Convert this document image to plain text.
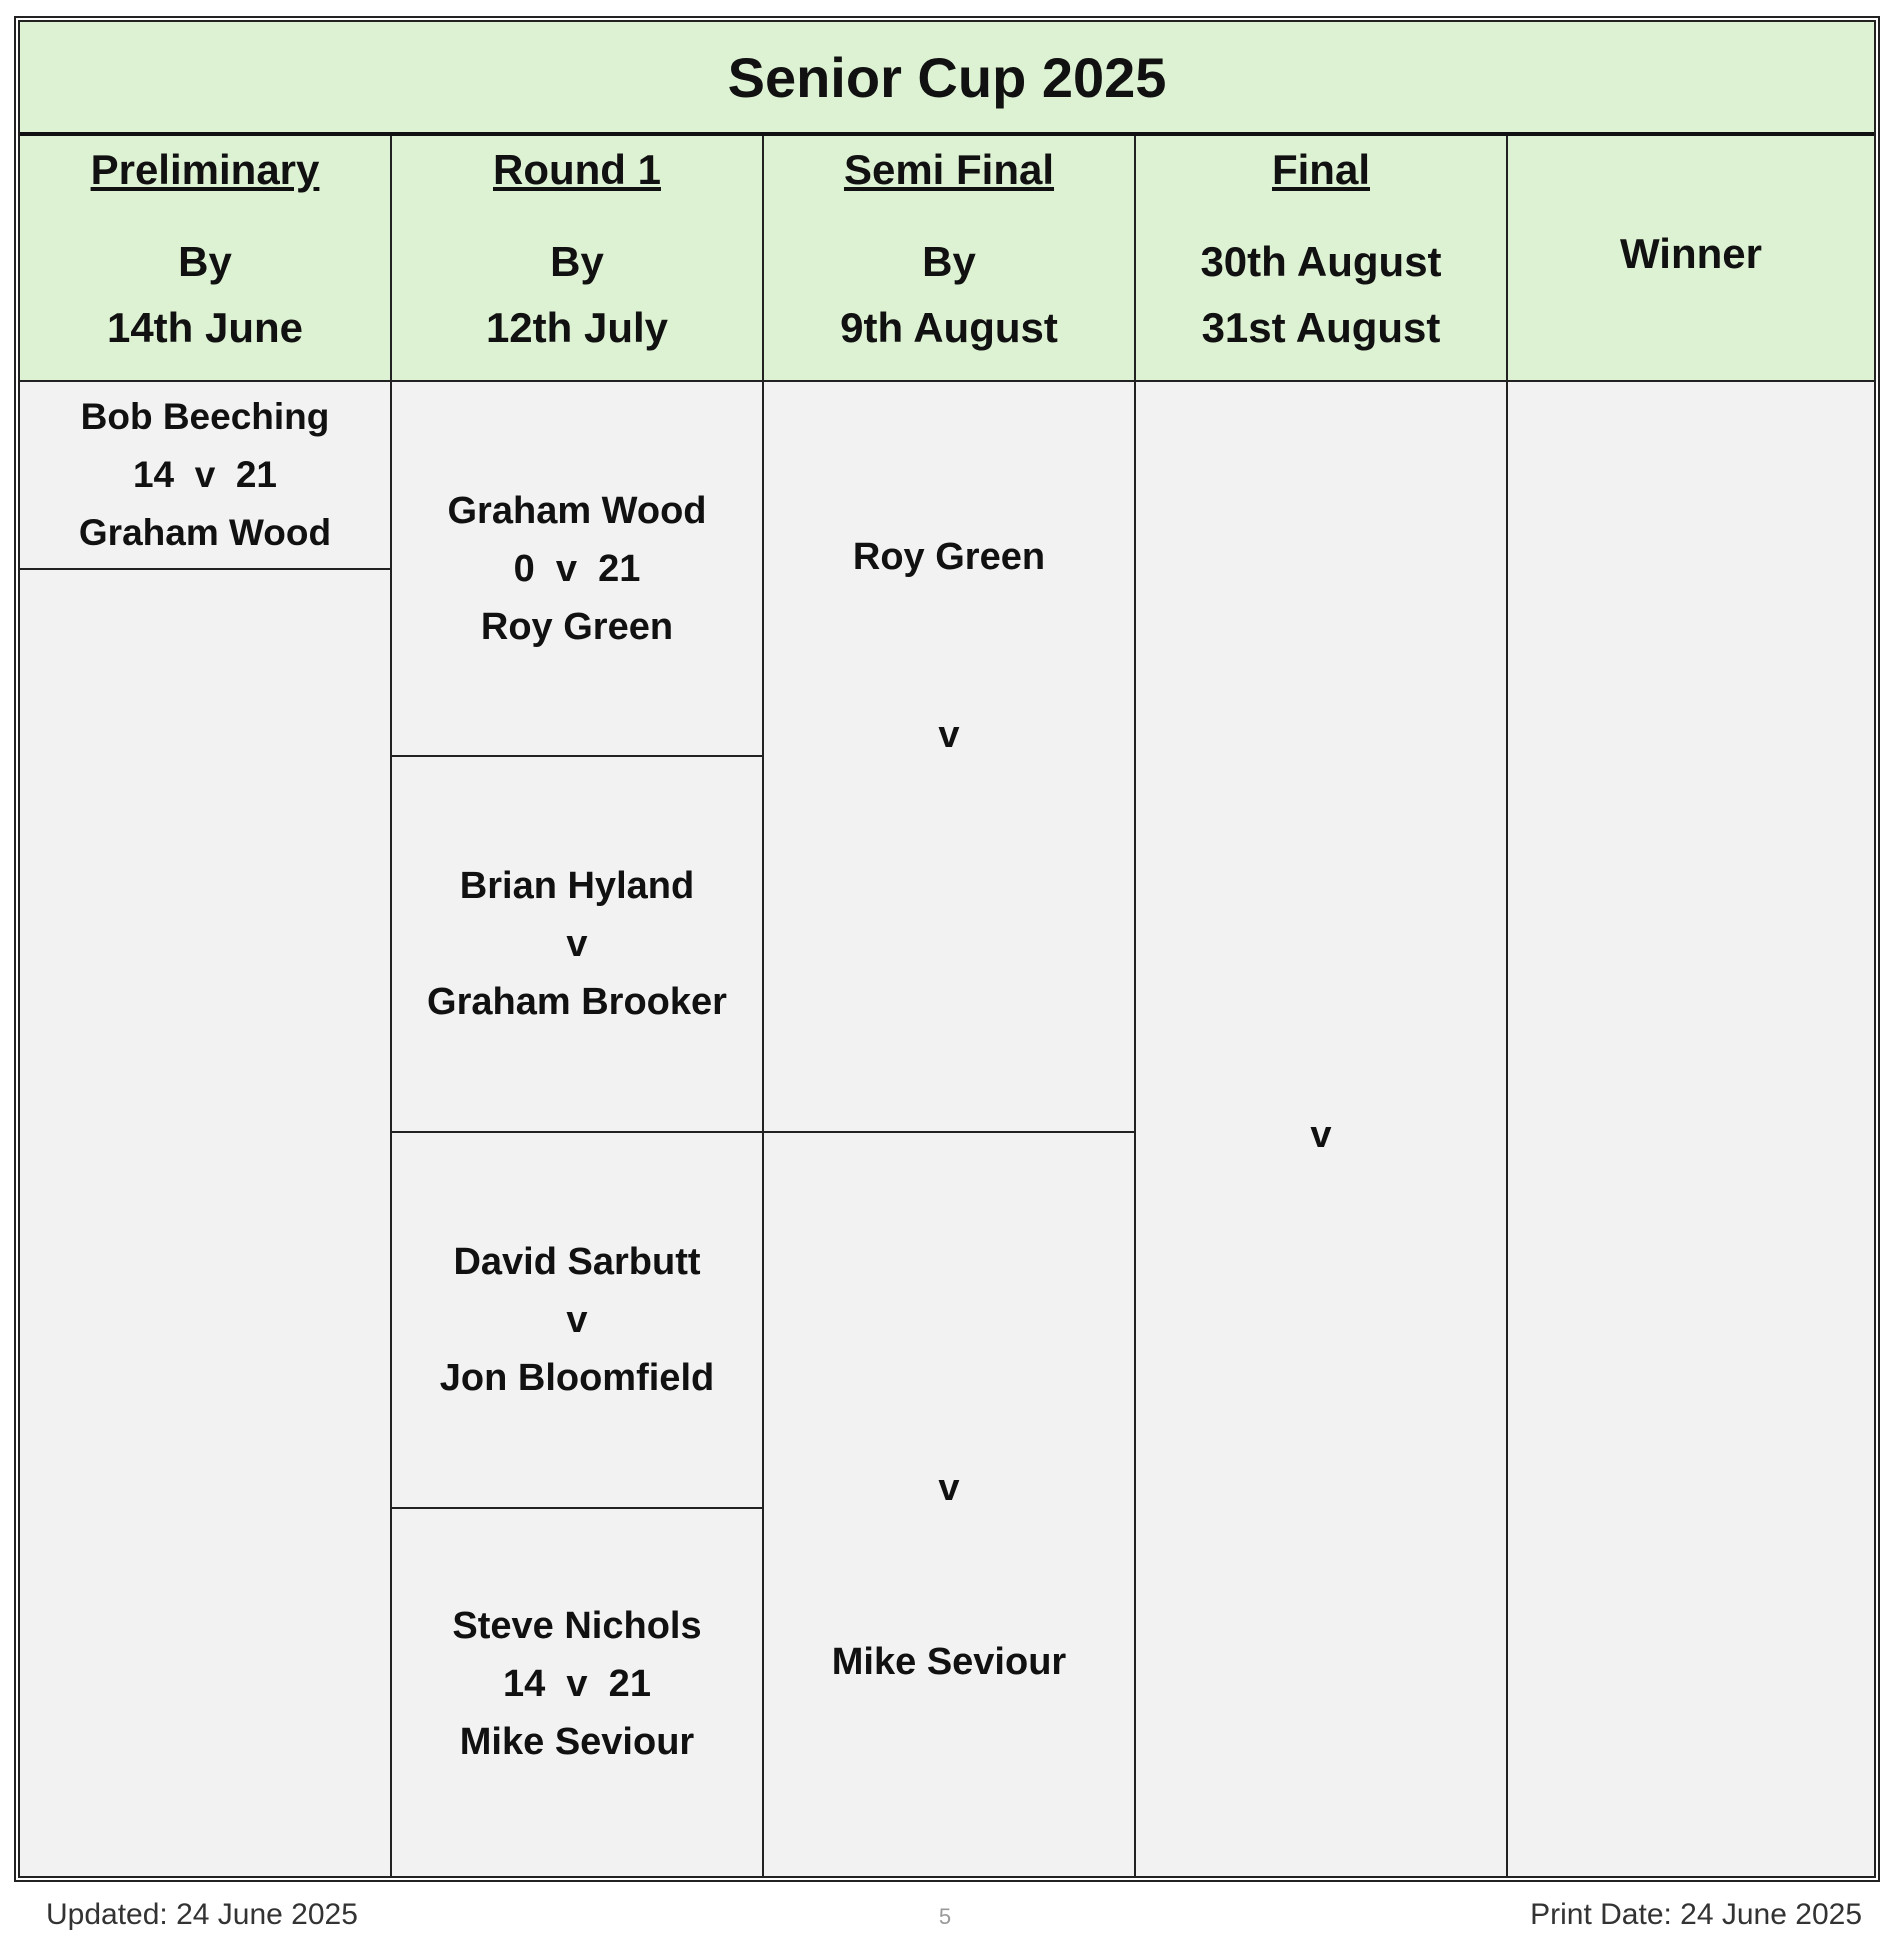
Senior Cup 2025
Preliminary
By
14th June
Bob Beeching
14  v  21
Graham Wood
Round 1
By
12th July
Graham Wood
0  v  21
Roy Green
Brian Hyland
v
Graham Brooker
David Sarbutt
v
Jon Bloomfield
Steve Nichols
14  v  21
Mike Seviour
Semi Final
By
9th August
Roy Green
v
v
Mike Seviour
Final
30th August
31st August
v
Winner
Updated: 24 June 2025	5	Print Date: 24 June 2025
